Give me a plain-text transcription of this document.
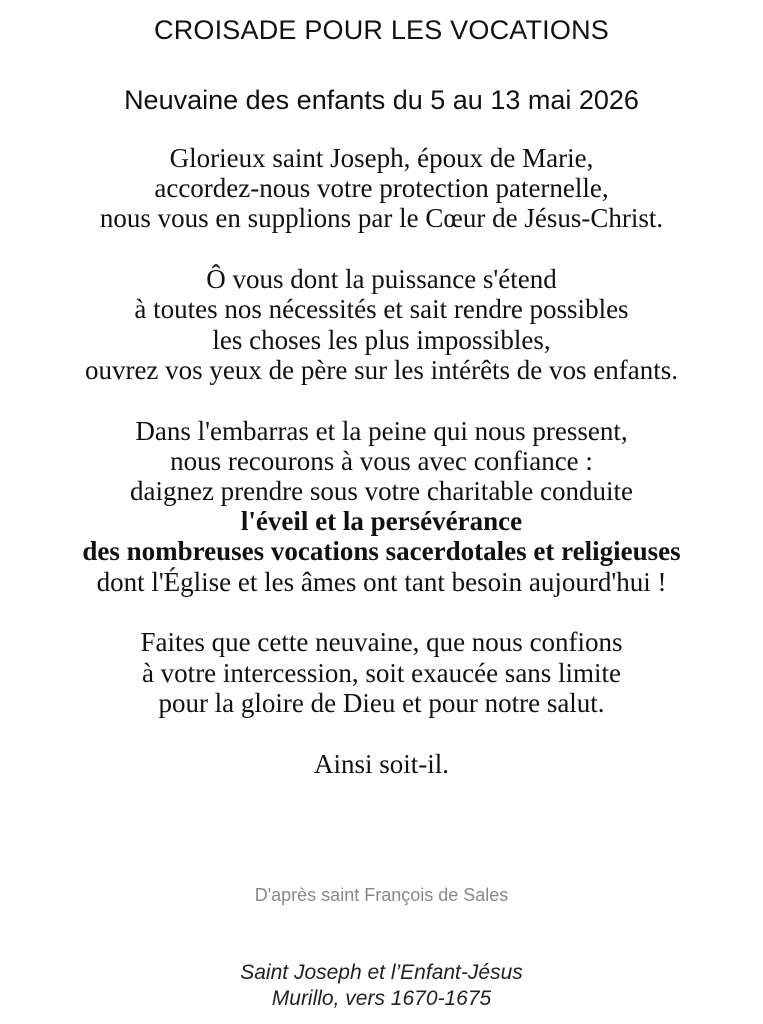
CROISADE POUR LES VOCATIONS
Neuvaine des enfants du 5 au 13 mai 2026

Glorieux saint Joseph, époux de Marie,
accordez-nous votre protection paternelle,
nous vous en supplions par le Cœur de Jésus-Christ.

Ô vous dont la puissance s'étend
à toutes nos nécessités et sait rendre possibles
les choses les plus impossibles,
ouvrez vos yeux de père sur les intérêts de vos enfants.

Dans l'embarras et la peine qui nous pressent,
nous recourons à vous avec confiance :
daignez prendre sous votre charitable conduite
l'éveil et la persévérance
des nombreuses vocations sacerdotales et religieuses
dont l'Église et les âmes ont tant besoin aujourd'hui !

Faites que cette neuvaine, que nous confions
à votre intercession, soit exaucée sans limite
pour la gloire de Dieu et pour notre salut.

Ainsi soit-il.

D'après saint François de Sales
Saint Joseph et l’Enfant-Jésus
Murillo, vers 1670-1675
